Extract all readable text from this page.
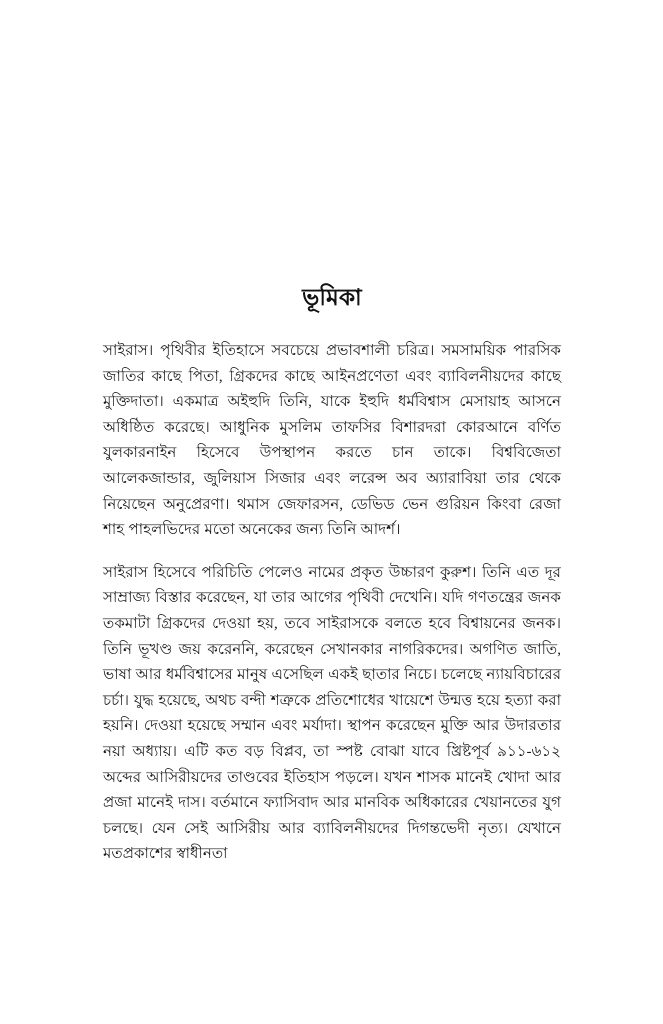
ভূমিকা

সাইরাস। পৃথিবীর ইতিহাসে সবচেয়ে প্রভাবশালী চরিত্র। সমসাময়িক পারসিক জাতির কাছে পিতা, গ্রিকদের কাছে আইনপ্রণেতা এবং ব্যাবিলনীয়দের কাছে মুক্তিদাতা। একমাত্র অইহুদি তিনি, যাকে ইহুদি ধর্মবিশ্বাস মেসায়াহ আসনে অধিষ্ঠিত করেছে। আধুনিক মুসলিম তাফসির বিশারদরা কোরআনে বর্ণিত যুলকারনাইন হিসেবে উপস্থাপন করতে চান তাকে। বিশ্ববিজেতা আলেকজান্ডার, জুলিয়াস সিজার এবং লরেন্স অব অ্যারাবিয়া তার থেকে নিয়েছেন অনুপ্রেরণা। থমাস জেফারসন, ডেভিড ভেন গুরিয়ন কিংবা রেজা শাহ পাহলভিদের মতো অনেকের জন্য তিনি আদর্শ।

সাইরাস হিসেবে পরিচিতি পেলেও নামের প্রকৃত উচ্চারণ কুরুশ। তিনি এত দূর সাম্রাজ্য বিস্তার করেছেন, যা তার আগের পৃথিবী দেখেনি। যদি গণতন্ত্রের জনক তকমাটা গ্রিকদের দেওয়া হয়, তবে সাইরাসকে বলতে হবে বিশ্বায়নের জনক। তিনি ভূখণ্ড জয় করেননি, করেছেন সেখানকার নাগরিকদের। অগণিত জাতি, ভাষা আর ধর্মবিশ্বাসের মানুষ এসেছিল একই ছাতার নিচে। চলেছে ন্যায়বিচারের চর্চা। যুদ্ধ হয়েছে, অথচ বন্দী শত্রুকে প্রতিশোধের খায়েশে উন্মত্ত হয়ে হত্যা করা হয়নি। দেওয়া হয়েছে সম্মান এবং মর্যাদা। স্থাপন করেছেন মুক্তি আর উদারতার নয়া অধ্যায়। এটি কত বড় বিপ্লব, তা স্পষ্ট বোঝা যাবে খ্রিষ্টপূর্ব ৯১১-৬১২ অব্দের আসিরীয়দের তাণ্ডবের ইতিহাস পড়লে। যখন শাসক মানেই খোদা আর প্রজা মানেই দাস। বর্তমানে ফ্যাসিবাদ আর মানবিক অধিকারের খেয়ানতের যুগ চলছে। যেন সেই আসিরীয় আর ব্যাবিলনীয়দের দিগন্তভেদী নৃত্য। যেখানে মতপ্রকাশের স্বাধীনতা
